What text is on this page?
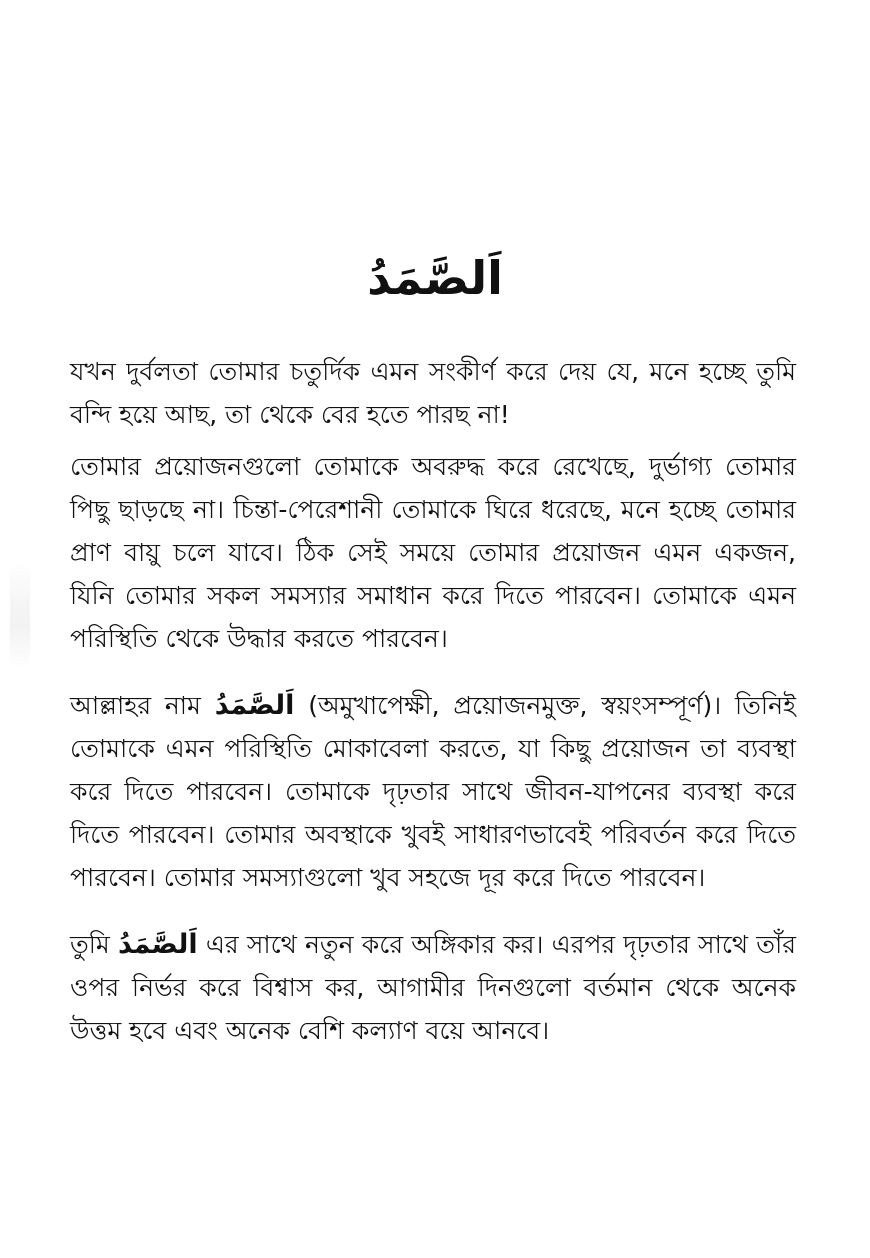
اَلصَّمَدُ

যখন দুর্বলতা তোমার চতুর্দিক এমন সংকীর্ণ করে দেয় যে, মনে হচ্ছে তুমি বন্দি হয়ে আছ, তা থেকে বের হতে পারছ না!

তোমার প্রয়োজনগুলো তোমাকে অবরুদ্ধ করে রেখেছে, দুর্ভাগ্য তোমার পিছু ছাড়ছে না। চিন্তা-পেরেশানী তোমাকে ঘিরে ধরেছে, মনে হচ্ছে তোমার প্রাণ বায়ু চলে যাবে। ঠিক সেই সময়ে তোমার প্রয়োজন এমন একজন, যিনি তোমার সকল সমস্যার সমাধান করে দিতে পারবেন। তোমাকে এমন পরিস্থিতি থেকে উদ্ধার করতে পারবেন।

আল্লাহর নাম اَلصَّمَدُ (অমুখাপেক্ষী, প্রয়োজনমুক্ত, স্বয়ংসম্পূর্ণ)। তিনিই তোমাকে এমন পরিস্থিতি মোকাবেলা করতে, যা কিছু প্রয়োজন তা ব্যবস্থা করে দিতে পারবেন। তোমাকে দৃঢ়তার সাথে জীবন-যাপনের ব্যবস্থা করে দিতে পারবেন। তোমার অবস্থাকে খুবই সাধারণভাবেই পরিবর্তন করে দিতে পারবেন। তোমার সমস্যাগুলো খুব সহজে দূর করে দিতে পারবেন।

তুমি اَلصَّمَدُ এর সাথে নতুন করে অঙ্গিকার কর। এরপর দৃঢ়তার সাথে তাঁর ওপর নির্ভর করে বিশ্বাস কর, আগামীর দিনগুলো বর্তমান থেকে অনেক উত্তম হবে এবং অনেক বেশি কল্যাণ বয়ে আনবে।
